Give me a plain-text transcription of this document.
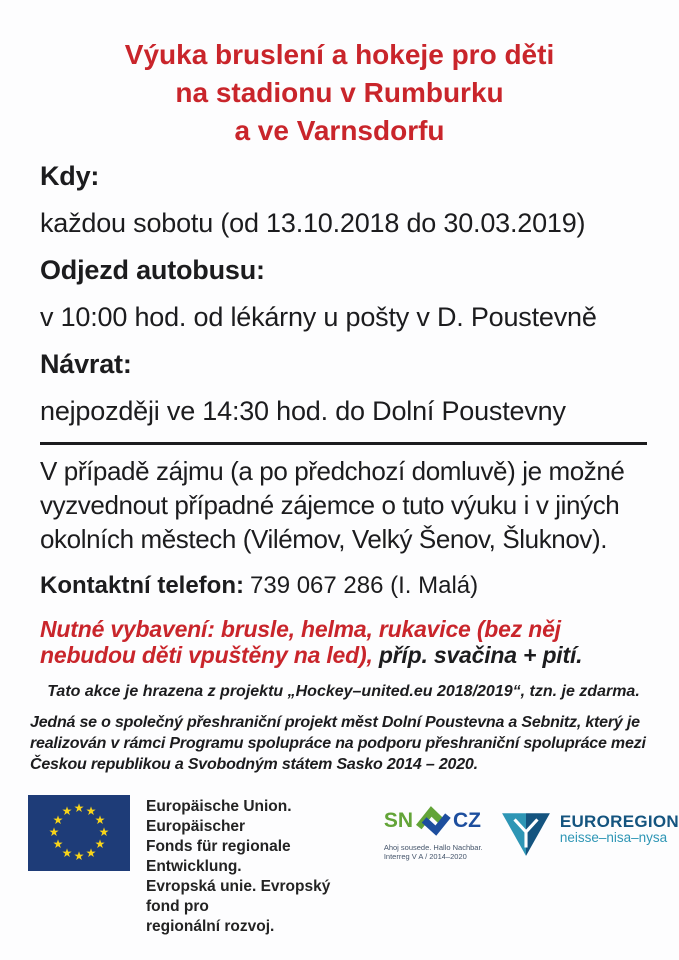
Výuka bruslení a hokeje pro děti
na stadionu v Rumburku
a ve Varnsdorfu

Kdy:

každou sobotu (od 13.10.2018 do 30.03.2019)

Odjezd autobusu:

v 10:00 hod. od lékárny u pošty v D. Poustevně

Návrat:

nejpozději ve 14:30 hod. do Dolní Poustevny

V případě zájmu (a po předchozí domluvě) je možné vyzvednout případné zájemce o tuto výuku i v jiných okolních městech (Vilémov, Velký Šenov, Šluknov).

Kontaktní telefon: 739 067 286 (I. Malá)

Nutné vybavení: brusle, helma, rukavice (bez něj nebudou děti vpuštěny na led), příp. svačina + pití.

Tato akce je hrazena z projektu „Hockey–united.eu 2018/2019“, tzn. je zdarma.

Jedná se o společný přeshraniční projekt měst Dolní Poustevna a Sebnitz, který je realizován v rámci Programu spolupráce na podporu přeshraniční spolupráce mezi Českou republikou a Svobodným státem Sasko 2014 – 2020.

★ ★
★
★
★
★
★
★
★
★
★
★	Europäische Union. Europäischer
Fonds für regionale Entwicklung.
Evropská unie. Evropský fond pro
regionální rozvoj.
SN CZ
Ahoj sousede. Hallo Nachbar.
Interreg V A / 2014–2020
EUROREGION
neisse–nisa–nysa
